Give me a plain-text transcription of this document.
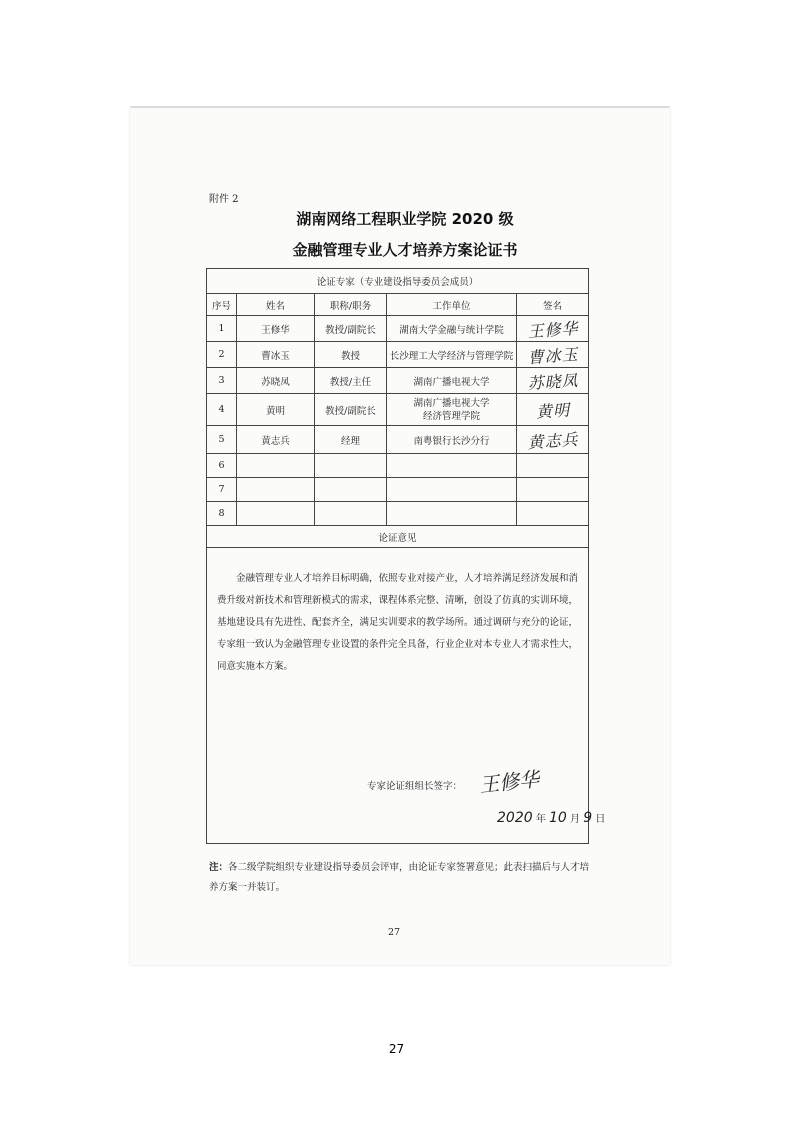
附件 2
湖南网络工程职业学院 2020 级
金融管理专业人才培养方案论证书
论证专家（专业建设指导委员会成员）				
序号	姓名	职称/职务	工作单位	签名
1	王修华	教授/副院长	湖南大学金融与统计学院	王修华

2	曹冰玉	教授	长沙理工大学经济与管理学院	曹冰玉

3	苏晓凤	教授/主任	湖南广播电视大学	苏晓凤

4	黄明	教授/副院长	湖南广播电视大学
经济管理学院	黄明

5	黄志兵	经理	南粤银行长沙分行	黄志兵

6				
7				
8				
论证意见				

金融管理专业人才培养目标明确，依照专业对接产业，人才培养满足经济发展和消费升级对新技术和管理新模式的需求，课程体系完整、清晰，创设了仿真的实训环境，基地建设具有先进性、配套齐全，满足实训要求的教学场所。通过调研与充分的论证，专家组一致认为金融管理专业设置的条件完全具备，行业企业对本专业人才需求性大，同意实施本方案。
专家论证组组长签字： 王修华
2020 年 10 月 9 日				
注：各二级学院组织专业建设指导委员会评审，由论证专家签署意见；此表扫描后与人才培养方案一并装订。
27
27
